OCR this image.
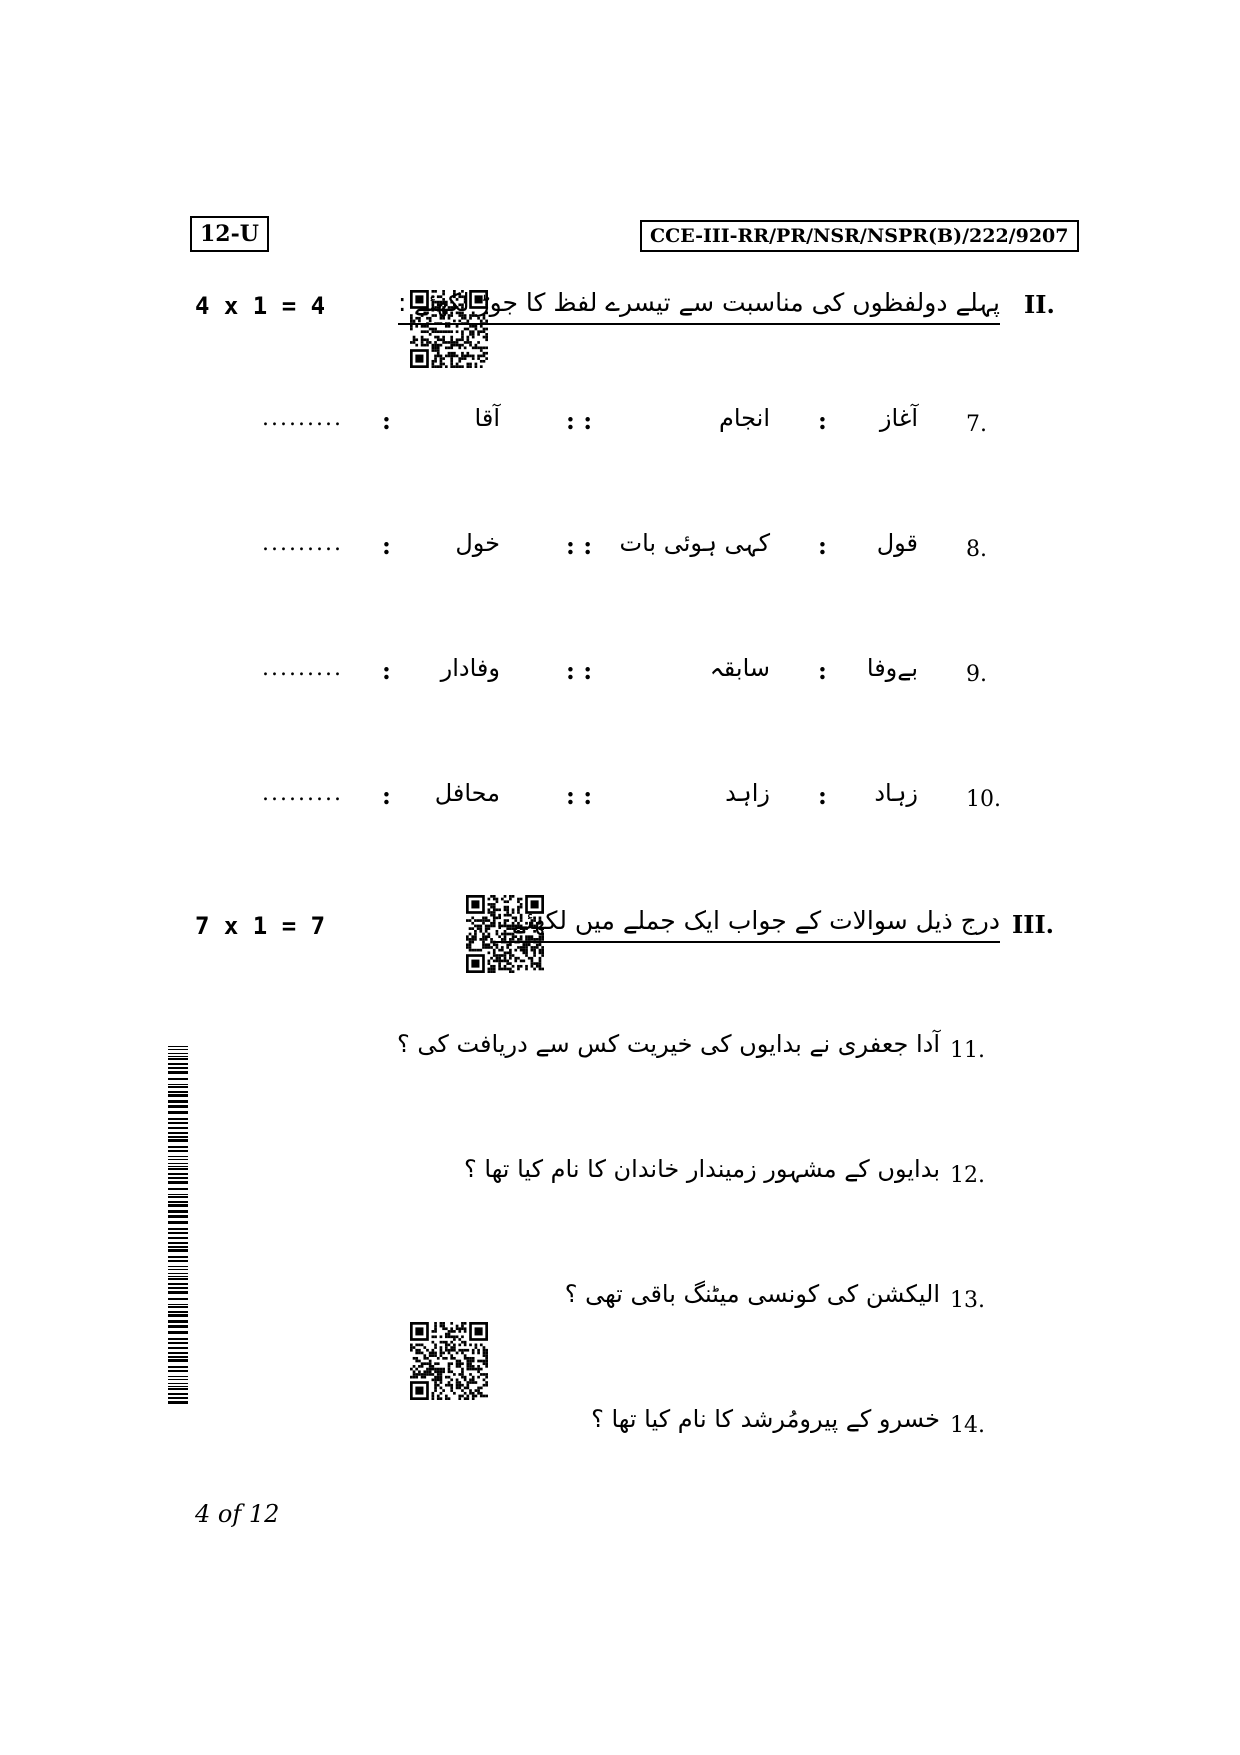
12-U	CCE-III-RR/PR/NSR/NSPR(B)/222/9207
4 x 1 = 4	پہلے دولفظوں کی مناسبت سے تیسرے لفظ کا جوڑ لکھئے : II.
7.
آغاز
:
انجام
: :
آقا
:
.........
8.
قول
:
کہی ہوئی بات
: :
خول
:
.........
9.
بےوفا
:
سابقہ
: :
وفادار
:
.........
10.
زہاد
:
زاہد
: :
محافل
:
.........
7 x 1 = 7	درج ذیل سوالات کے جواب ایک جملے میں لکھئے : III.
11.
آدا جعفری نے بدایوں کی خیریت کس سے دریافت کی ؟
12.
بدایوں کے مشہور زمیندار خاندان کا نام کیا تھا ؟
13.
الیکشن کی کونسی میٹنگ باقی تھی ؟
14.
خسرو کے پیرومُرشد کا نام کیا تھا ؟
4 of 12
